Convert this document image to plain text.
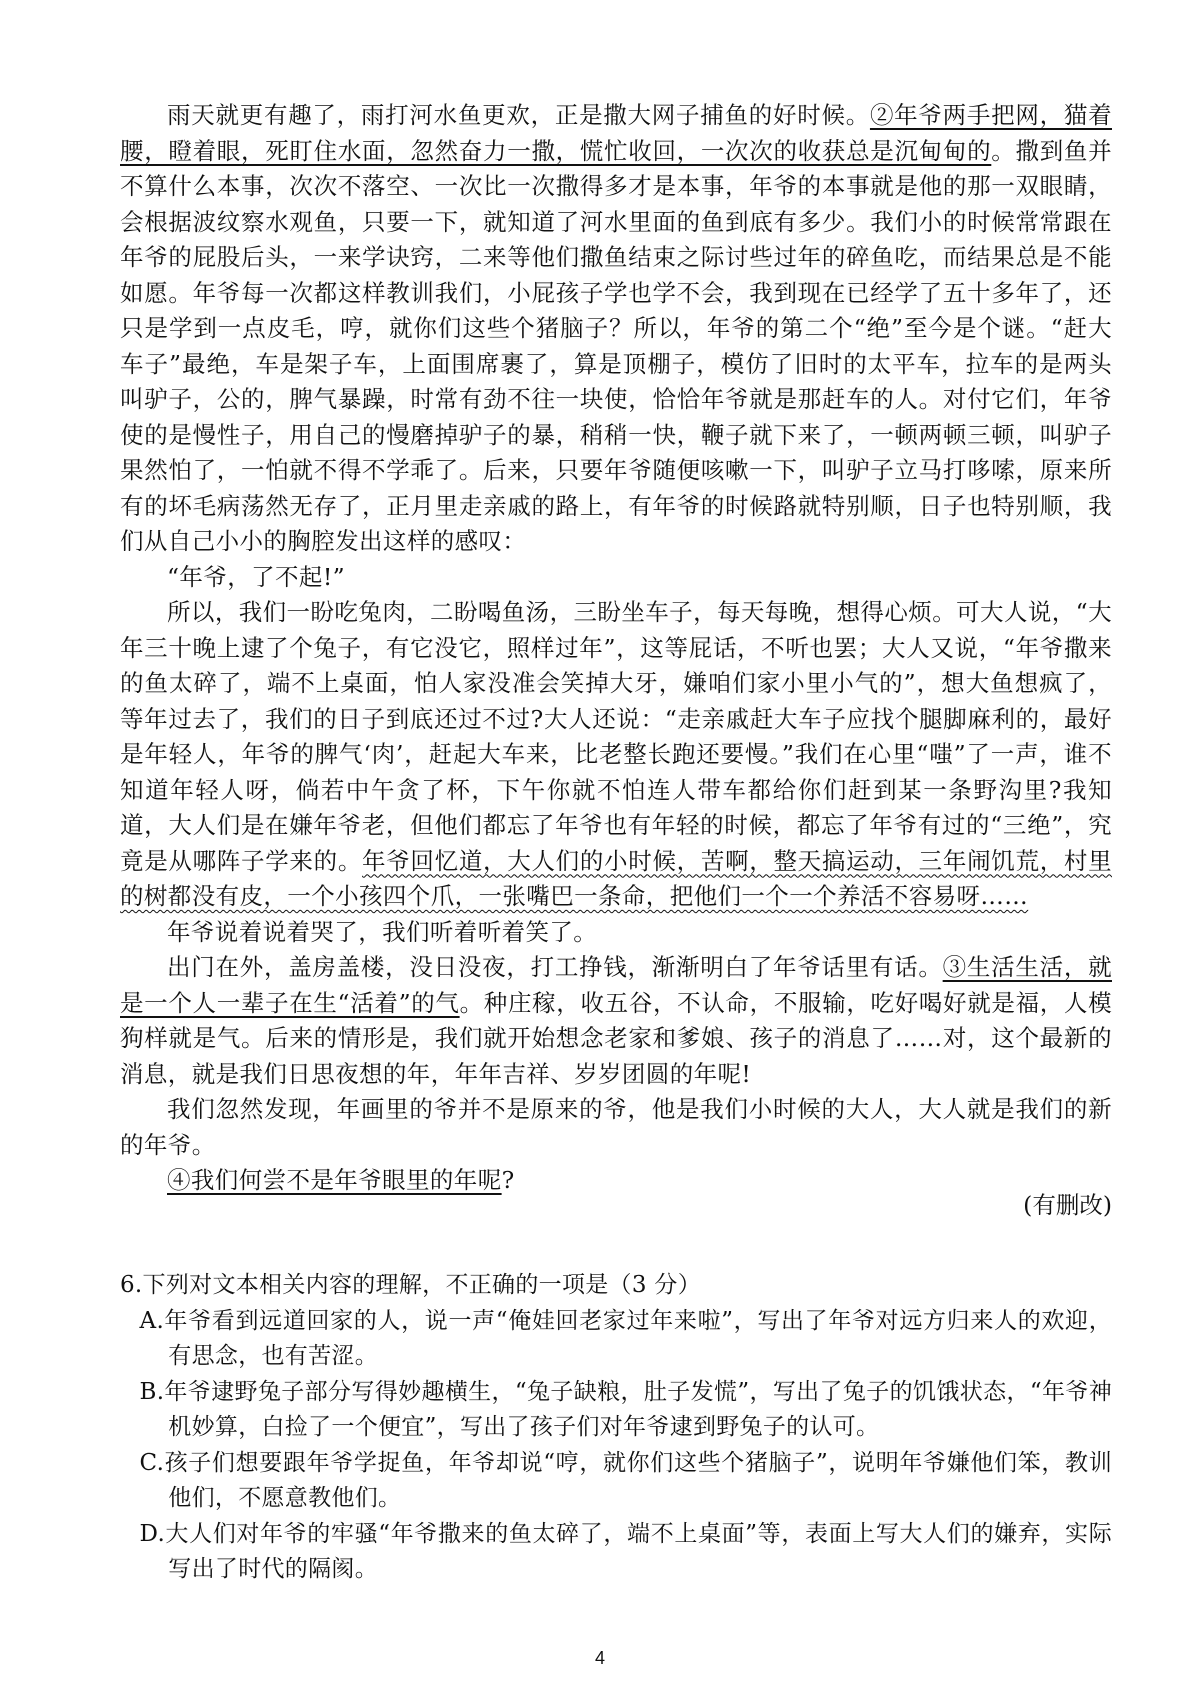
雨天就更有趣了，雨打河水鱼更欢，正是撒大网子捕鱼的好时候。②年爷两手把网，猫着腰，瞪着眼，死盯住水面，忽然奋力一撒，慌忙收回，一次次的收获总是沉甸甸的。撒到鱼并不算什么本事，次次不落空、一次比一次撒得多才是本事，年爷的本事就是他的那一双眼睛，会根据波纹察水观鱼，只要一下，就知道了河水里面的鱼到底有多少。我们小的时候常常跟在年爷的屁股后头，一来学诀窍，二来等他们撒鱼结束之际讨些过年的碎鱼吃，而结果总是不能如愿。年爷每一次都这样教训我们，小屁孩子学也学不会，我到现在已经学了五十多年了，还只是学到一点皮毛，哼，就你们这些个猪脑子？所以，年爷的第二个“绝”至今是个谜。“赶大车子”最绝，车是架子车，上面围席裹了，算是顶棚子，模仿了旧时的太平车，拉车的是两头叫驴子，公的，脾气暴躁，时常有劲不往一块使，恰恰年爷就是那赶车的人。对付它们，年爷使的是慢性子，用自己的慢磨掉驴子的暴，稍稍一快，鞭子就下来了，一顿两顿三顿，叫驴子果然怕了，一怕就不得不学乖了。后来，只要年爷随便咳嗽一下，叫驴子立马打哆嗦，原来所有的坏毛病荡然无存了，正月里走亲戚的路上，有年爷的时候路就特别顺，日子也特别顺，我们从自己小小的胸腔发出这样的感叹：

“年爷，了不起!”

所以，我们一盼吃兔肉，二盼喝鱼汤，三盼坐车子，每天每晚，想得心烦。可大人说，“大年三十晚上逮了个兔子，有它没它，照样过年”，这等屁话，不听也罢；大人又说，“年爷撒来的鱼太碎了，端不上桌面，怕人家没准会笑掉大牙，嫌咱们家小里小气的”，想大鱼想疯了，等年过去了，我们的日子到底还过不过?大人还说：“走亲戚赶大车子应找个腿脚麻利的，最好是年轻人，年爷的脾气‘肉’，赶起大车来，比老整长跑还要慢。”我们在心里“嗤”了一声，谁不知道年轻人呀，倘若中午贪了杯，下午你就不怕连人带车都给你们赶到某一条野沟里?我知道，大人们是在嫌年爷老，但他们都忘了年爷也有年轻的时候，都忘了年爷有过的“三绝”，究竟是从哪阵子学来的。年爷回忆道，大人们的小时候，苦啊，整天搞运动，三年闹饥荒，村里的树都没有皮，一个小孩四个爪，一张嘴巴一条命，把他们一个一个养活不容易呀……

年爷说着说着哭了，我们听着听着笑了。

出门在外，盖房盖楼，没日没夜，打工挣钱，渐渐明白了年爷话里有话。③生活生活，就是一个人一辈子在生“活着”的气。种庄稼，收五谷，不认命，不服输，吃好喝好就是福，人模狗样就是气。后来的情形是，我们就开始想念老家和爹娘、孩子的消息了……对，这个最新的消息，就是我们日思夜想的年，年年吉祥、岁岁团圆的年呢!

我们忽然发现，年画里的爷并不是原来的爷，他是我们小时候的大人，大人就是我们的新的年爷。

④我们何尝不是年爷眼里的年呢?

(有删改)

6.下列对文本相关内容的理解，不正确的一项是（3 分）

A.年爷看到远道回家的人，说一声“俺娃回老家过年来啦”，写出了年爷对远方归来人的欢迎，有思念，也有苦涩。

B.年爷逮野兔子部分写得妙趣横生，“兔子缺粮，肚子发慌”，写出了兔子的饥饿状态，“年爷神机妙算，白捡了一个便宜”，写出了孩子们对年爷逮到野兔子的认可。

C.孩子们想要跟年爷学捉鱼，年爷却说“哼，就你们这些个猪脑子”，说明年爷嫌他们笨，教训他们，不愿意教他们。

D.大人们对年爷的牢骚“年爷撒来的鱼太碎了，端不上桌面”等，表面上写大人们的嫌弃，实际写出了时代的隔阂。

4
